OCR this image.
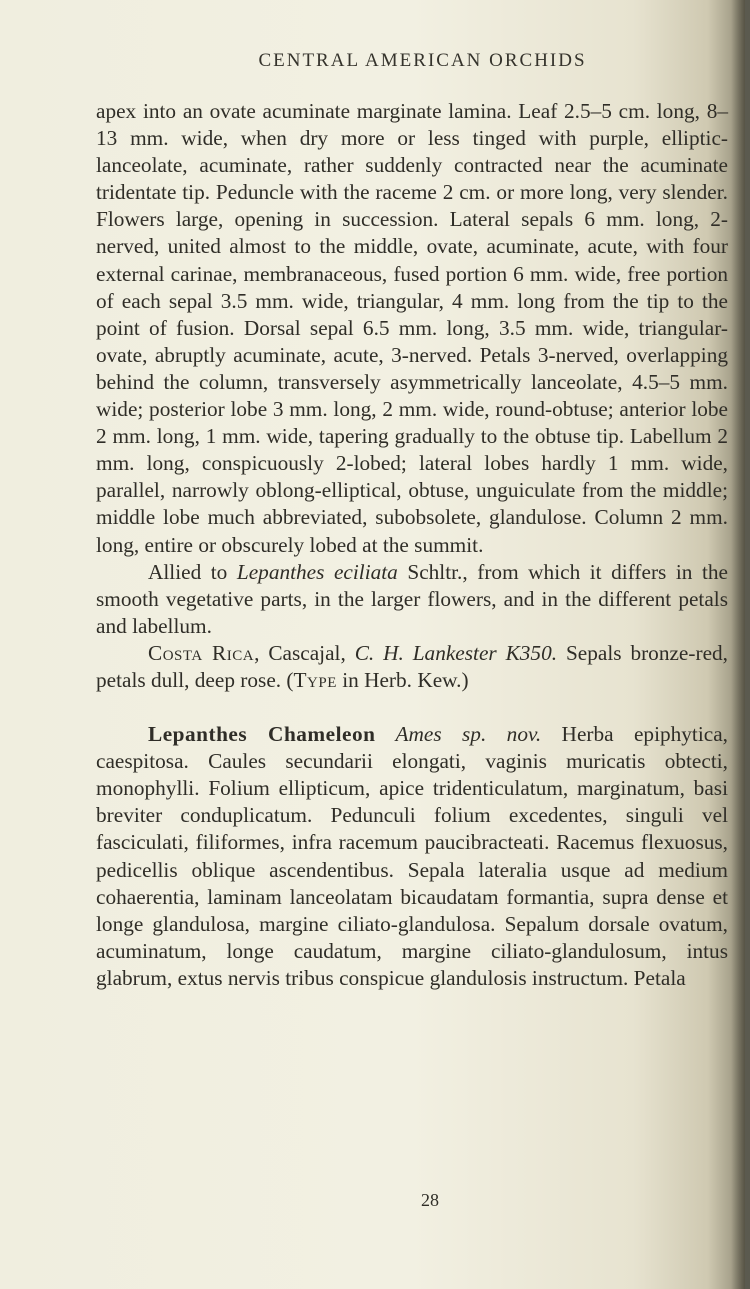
CENTRAL AMERICAN ORCHIDS

apex into an ovate acuminate marginate lamina. Leaf 2.5–5 cm. long, 8–13 mm. wide, when dry more or less tinged with purple, elliptic-lanceolate, acuminate, rather suddenly contracted near the acuminate tridentate tip. Peduncle with the raceme 2 cm. or more long, very slender. Flowers large, opening in succession. Lateral sepals 6 mm. long, 2-nerved, united almost to the middle, ovate, acuminate, acute, with four external carinae, membranaceous, fused portion 6 mm. wide, free portion of each sepal 3.5 mm. wide, triangular, 4 mm. long from the tip to the point of fusion. Dorsal sepal 6.5 mm. long, 3.5 mm. wide, triangular-ovate, abruptly acuminate, acute, 3-nerved. Petals 3-nerved, overlapping behind the column, transversely asymmetrically lanceolate, 4.5–5 mm. wide; posterior lobe 3 mm. long, 2 mm. wide, round-obtuse; anterior lobe 2 mm. long, 1 mm. wide, tapering gradually to the obtuse tip. Labellum 2 mm. long, conspicuously 2-lobed; lateral lobes hardly 1 mm. wide, parallel, narrowly oblong-elliptical, obtuse, unguiculate from the middle; middle lobe much abbreviated, subobsolete, glandulose. Column 2 mm. long, entire or obscurely lobed at the summit.

Allied to Lepanthes eciliata Schltr., from which it differs in the smooth vegetative parts, in the larger flowers, and in the different petals and labellum.

Costa Rica, Cascajal, C. H. Lankester K350. Sepals bronze-red, petals dull, deep rose. (Type in Herb. Kew.)

Lepanthes Chameleon Ames sp. nov. Herba epiphytica, caespitosa. Caules secundarii elongati, vaginis muricatis obtecti, monophylli. Folium ellipticum, apice tridenticulatum, marginatum, basi breviter conduplicatum. Pedunculi folium excedentes, singuli vel fasciculati, filiformes, infra racemum paucibracteati. Racemus flexuosus, pedicellis oblique ascendentibus. Sepala lateralia usque ad medium cohaerentia, laminam lanceolatam bicaudatam formantia, supra dense et longe glandulosa, margine ciliato-glandulosa. Sepalum dorsale ovatum, acuminatum, longe caudatum, margine ciliato-glandulosum, intus glabrum, extus nervis tribus conspicue glandulosis instructum. Petala

28
